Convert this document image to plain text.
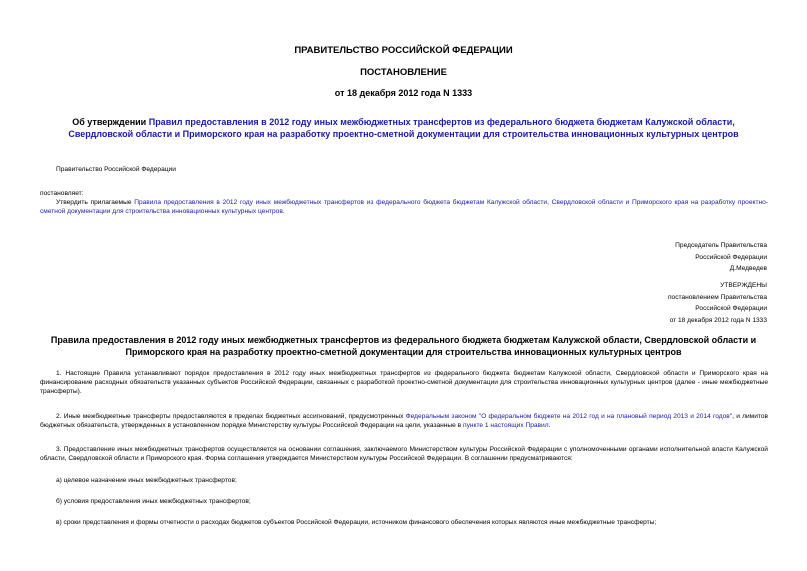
ПРАВИТЕЛЬСТВО РОССИЙСКОЙ ФЕДЕРАЦИИ
ПОСТАНОВЛЕНИЕ
от 18 декабря 2012 года N 1333
Об утверждении Правил предоставления в 2012 году иных межбюджетных трансфертов из федерального бюджета бюджетам Калужской области, Свердловской области и Приморского края на разработку проектно-сметной документации для строительства инновационных культурных центров
Правительство Российской Федерации
постановляет:
Утвердить прилагаемые Правила предоставления в 2012 году иных межбюджетных трансфертов из федерального бюджета бюджетам Калужской области, Свердловской области и Приморского края на разработку проектно-сметной документации для строительства инновационных культурных центров.
Председатель Правительства
Российской Федерации
Д.Медведев
УТВЕРЖДЕНЫ
постановлением Правительства
Российской Федерации
от 18 декабря 2012 года N 1333
Правила предоставления в 2012 году иных межбюджетных трансфертов из федерального бюджета бюджетам Калужской области, Свердловской области и Приморского края на разработку проектно-сметной документации для строительства инновационных культурных центров
1. Настоящие Правила устанавливают порядок предоставления в 2012 году иных межбюджетных трансфертов из федерального бюджета бюджетам Калужской области, Свердловской области и Приморского края на финансирование расходных обязательств указанных субъектов Российской Федерации, связанных с разработкой проектно-сметной документации для строительства инновационных культурных центров (далее - иные межбюджетные трансферты).
2. Иные межбюджетные трансферты предоставляются в пределах бюджетных ассигнований, предусмотренных Федеральным законом "О федеральном бюджете на 2012 год и на плановый период 2013 и 2014 годов", и лимитов бюджетных обязательств, утвержденных в установленном порядке Министерству культуры Российской Федерации на цели, указанные в пункте 1 настоящих Правил.
3. Предоставление иных межбюджетных трансфертов осуществляется на основании соглашения, заключаемого Министерством культуры Российской Федерации с уполномоченными органами исполнительной власти Калужской области, Свердловской области и Приморского края. Форма соглашения утверждается Министерством культуры Российской Федерации. В соглашении предусматриваются:
а) целевое назначение иных межбюджетных трансфертов;
б) условия предоставления иных межбюджетных трансфертов;
в) сроки представления и формы отчетности о расходах бюджетов субъектов Российской Федерации, источником финансового обеспечения которых являются иные межбюджетные трансферты;
